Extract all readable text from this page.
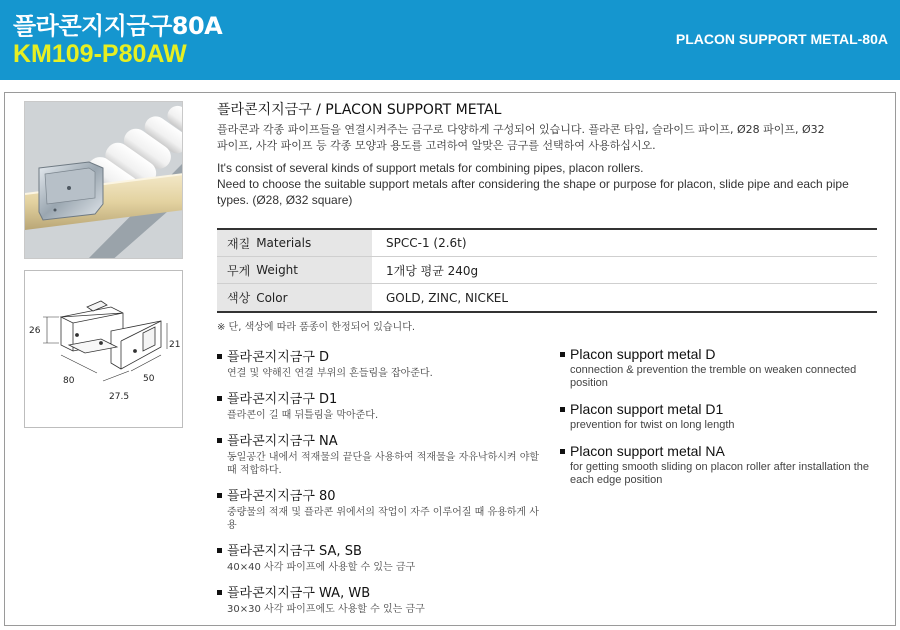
플라콘지지금구80A
KM109-P80AW
PLACON SUPPORT METAL-80A
26
21
80	50
27.5
플라콘지지금구 / PLACON SUPPORT METAL
플라콘과 각종 파이프들을 연결시켜주는 금구로 다양하게 구성되어 있습니다. 플라콘 타입, 슬라이드 파이프, Ø28 파이프, Ø32
파이프, 사각 파이프 등 각종 모양과 용도를 고려하여 알맞은 금구를 선택하여 사용하십시오.
It's consist of several kinds of support metals for combining pipes, placon rollers.
Need to choose the suitable support metals after considering the shape or purpose for placon, slide pipe and each pipe
types. (Ø28, Ø32 square)
재질 Materials	SPCC-1 (2.6t)
무게 Weight	1개당 평균 240g
색상 Color	GOLD, ZINC, NICKEL
※ 단, 색상에 따라 품종이 한정되어 있습니다.
플라콘지지금구 D
연결 및 약해진 연결 부위의 흔들림을 잡아준다.
플라콘지지금구 D1
플라콘이 길 때 뒤틀림을 막아준다.
플라콘지지금구 NA
동일공간 내에서 적재물의 끝단을 사용하여 적재물을 자유낙하시켜 야할 때 적합하다.
플라콘지지금구 80
중량물의 적재 및 플라콘 위에서의 작업이 자주 이루어질 때 유용하게 사용
플라콘지지금구 SA, SB
40×40 사각 파이프에 사용할 수 있는 금구
플라콘지지금구 WA, WB
30×30 사각 파이프에도 사용할 수 있는 금구
Placon support metal D
connection & prevention the tremble on weaken connected position
Placon support metal D1
prevention for twist on long length
Placon support metal NA
for getting smooth sliding on placon roller after installation the each edge position
